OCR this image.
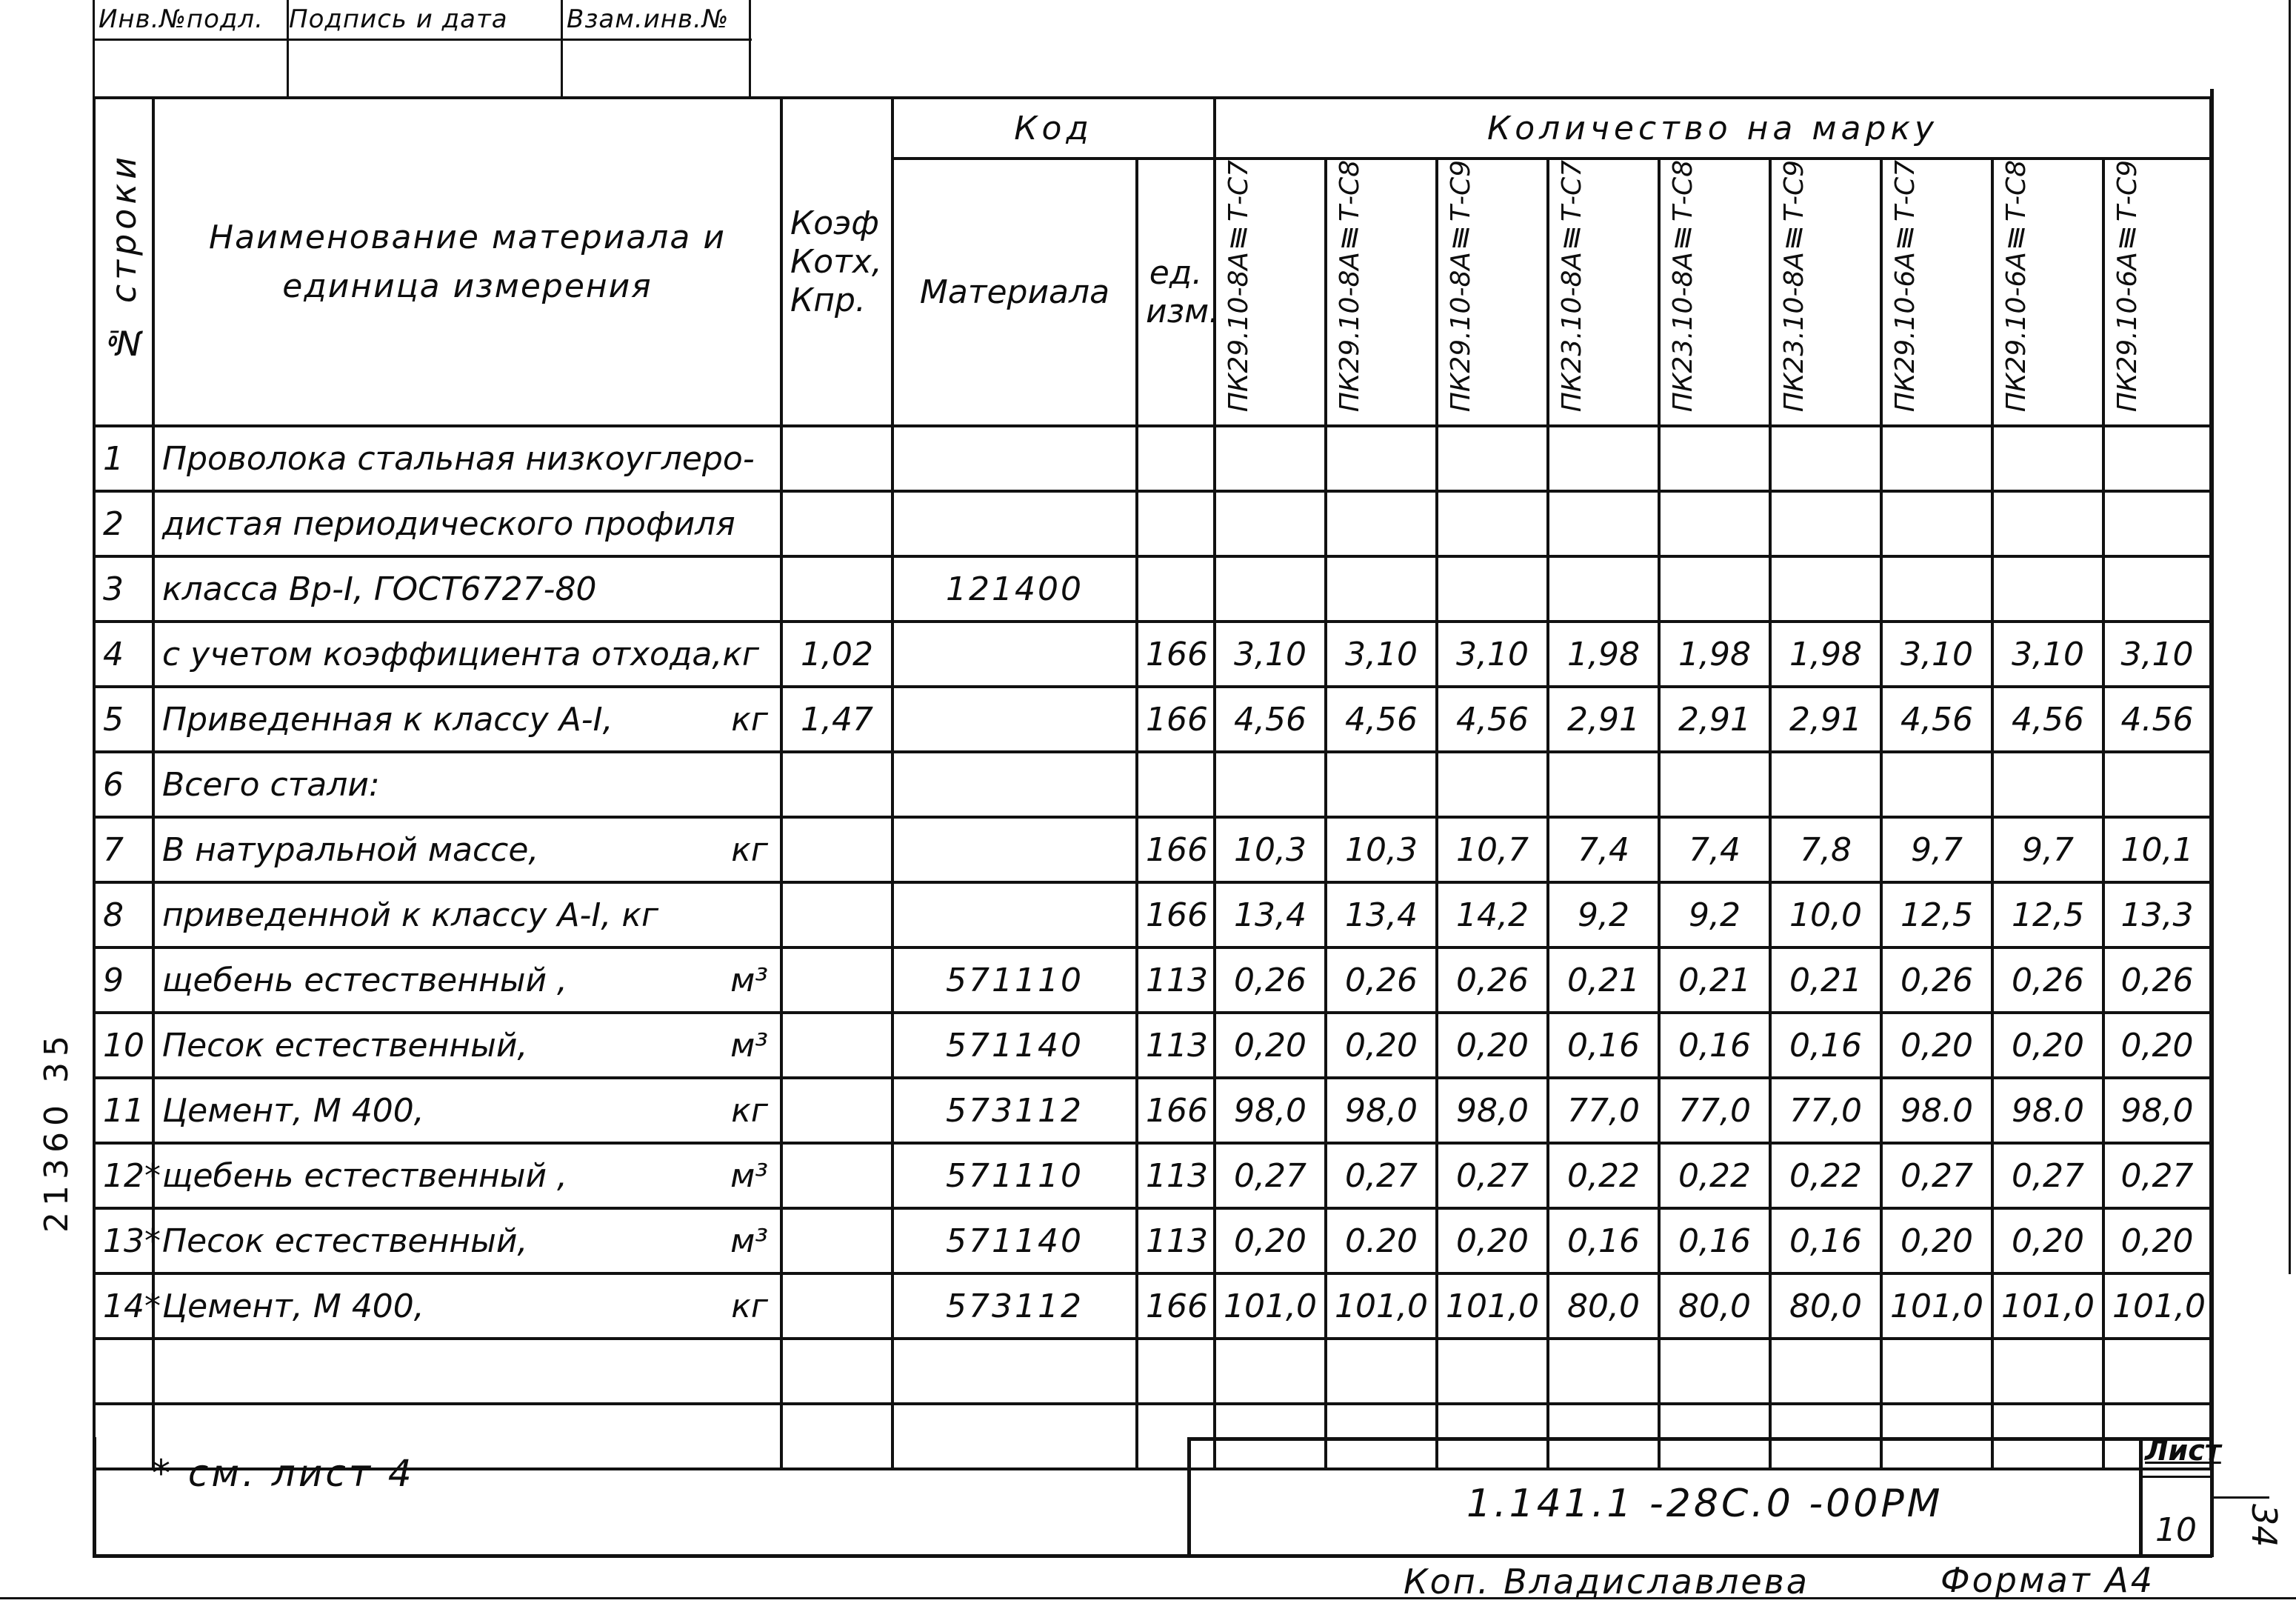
Инв.№подл. Подпись и дата Взам.инв.№
№ строки	Наименование материала и единица измерения	Коэф Котх, Кпр.	Код		Количество на марку								
			Материала	ед. изм.	ПК29.10-8АⅢТ-С7	ПК29.10-8АⅢТ-С8	ПК29.10-8АⅢТ-С9	ПК23.10-8АⅢТ-С7	ПК23.10-8АⅢТ-С8	ПК23.10-8АⅢТ-С9	ПК29.10-6АⅢТ-С7	ПК29.10-6АⅢТ-С8	ПК29.10-6АⅢТ-С9
1	Проволока стальная низкоуглеро-												

2	дистая периодического профиля												

3	класса Вр-I, ГОСТ6727-80		121400										
4	с учетом коэффициента отхода,кг	1,02		166	3,10	3,10	3,10	1,98	1,98	1,98	3,10	3,10	3,10
5	Приведенная к классу А-I, кг	1,47		166	4,56	4,56	4,56	2,91	2,91	2,91	4,56	4,56	4.56
6	Всего стали:												

7	В натуральной массе, кг			166	10,3	10,3	10,7	7,4	7,4	7,8	9,7	9,7	10,1
8	приведенной к классу А-I, кг			166	13,4	13,4	14,2	9,2	9,2	10,0	12,5	12,5	13,3
9	щебень естественный , м³		571110	113	0,26	0,26	0,26	0,21	0,21	0,21	0,26	0,26	0,26
10	Песок естественный, м³		571140	113	0,20	0,20	0,20	0,16	0,16	0,16	0,20	0,20	0,20
11	Цемент, М 400, кг		573112	166	98,0	98,0	98,0	77,0	77,0	77,0	98.0	98.0	98,0
12*	щебень естественный , м³		571110	113	0,27	0,27	0,27	0,22	0,22	0,22	0,27	0,27	0,27
13*	Песок естественный, м³		571140	113	0,20	0.20	0,20	0,16	0,16	0,16	0,20	0,20	0,20
14*	Цемент, М 400, кг		573112	166	101,0	101,0	101,0	80,0	80,0	80,0	101,0	101,0	101,0

* см. лист 4
1.141.1 -28С.0 -00РМ
Лист
10
Коп. Владиславлева	Формат А4
34
21360 35
